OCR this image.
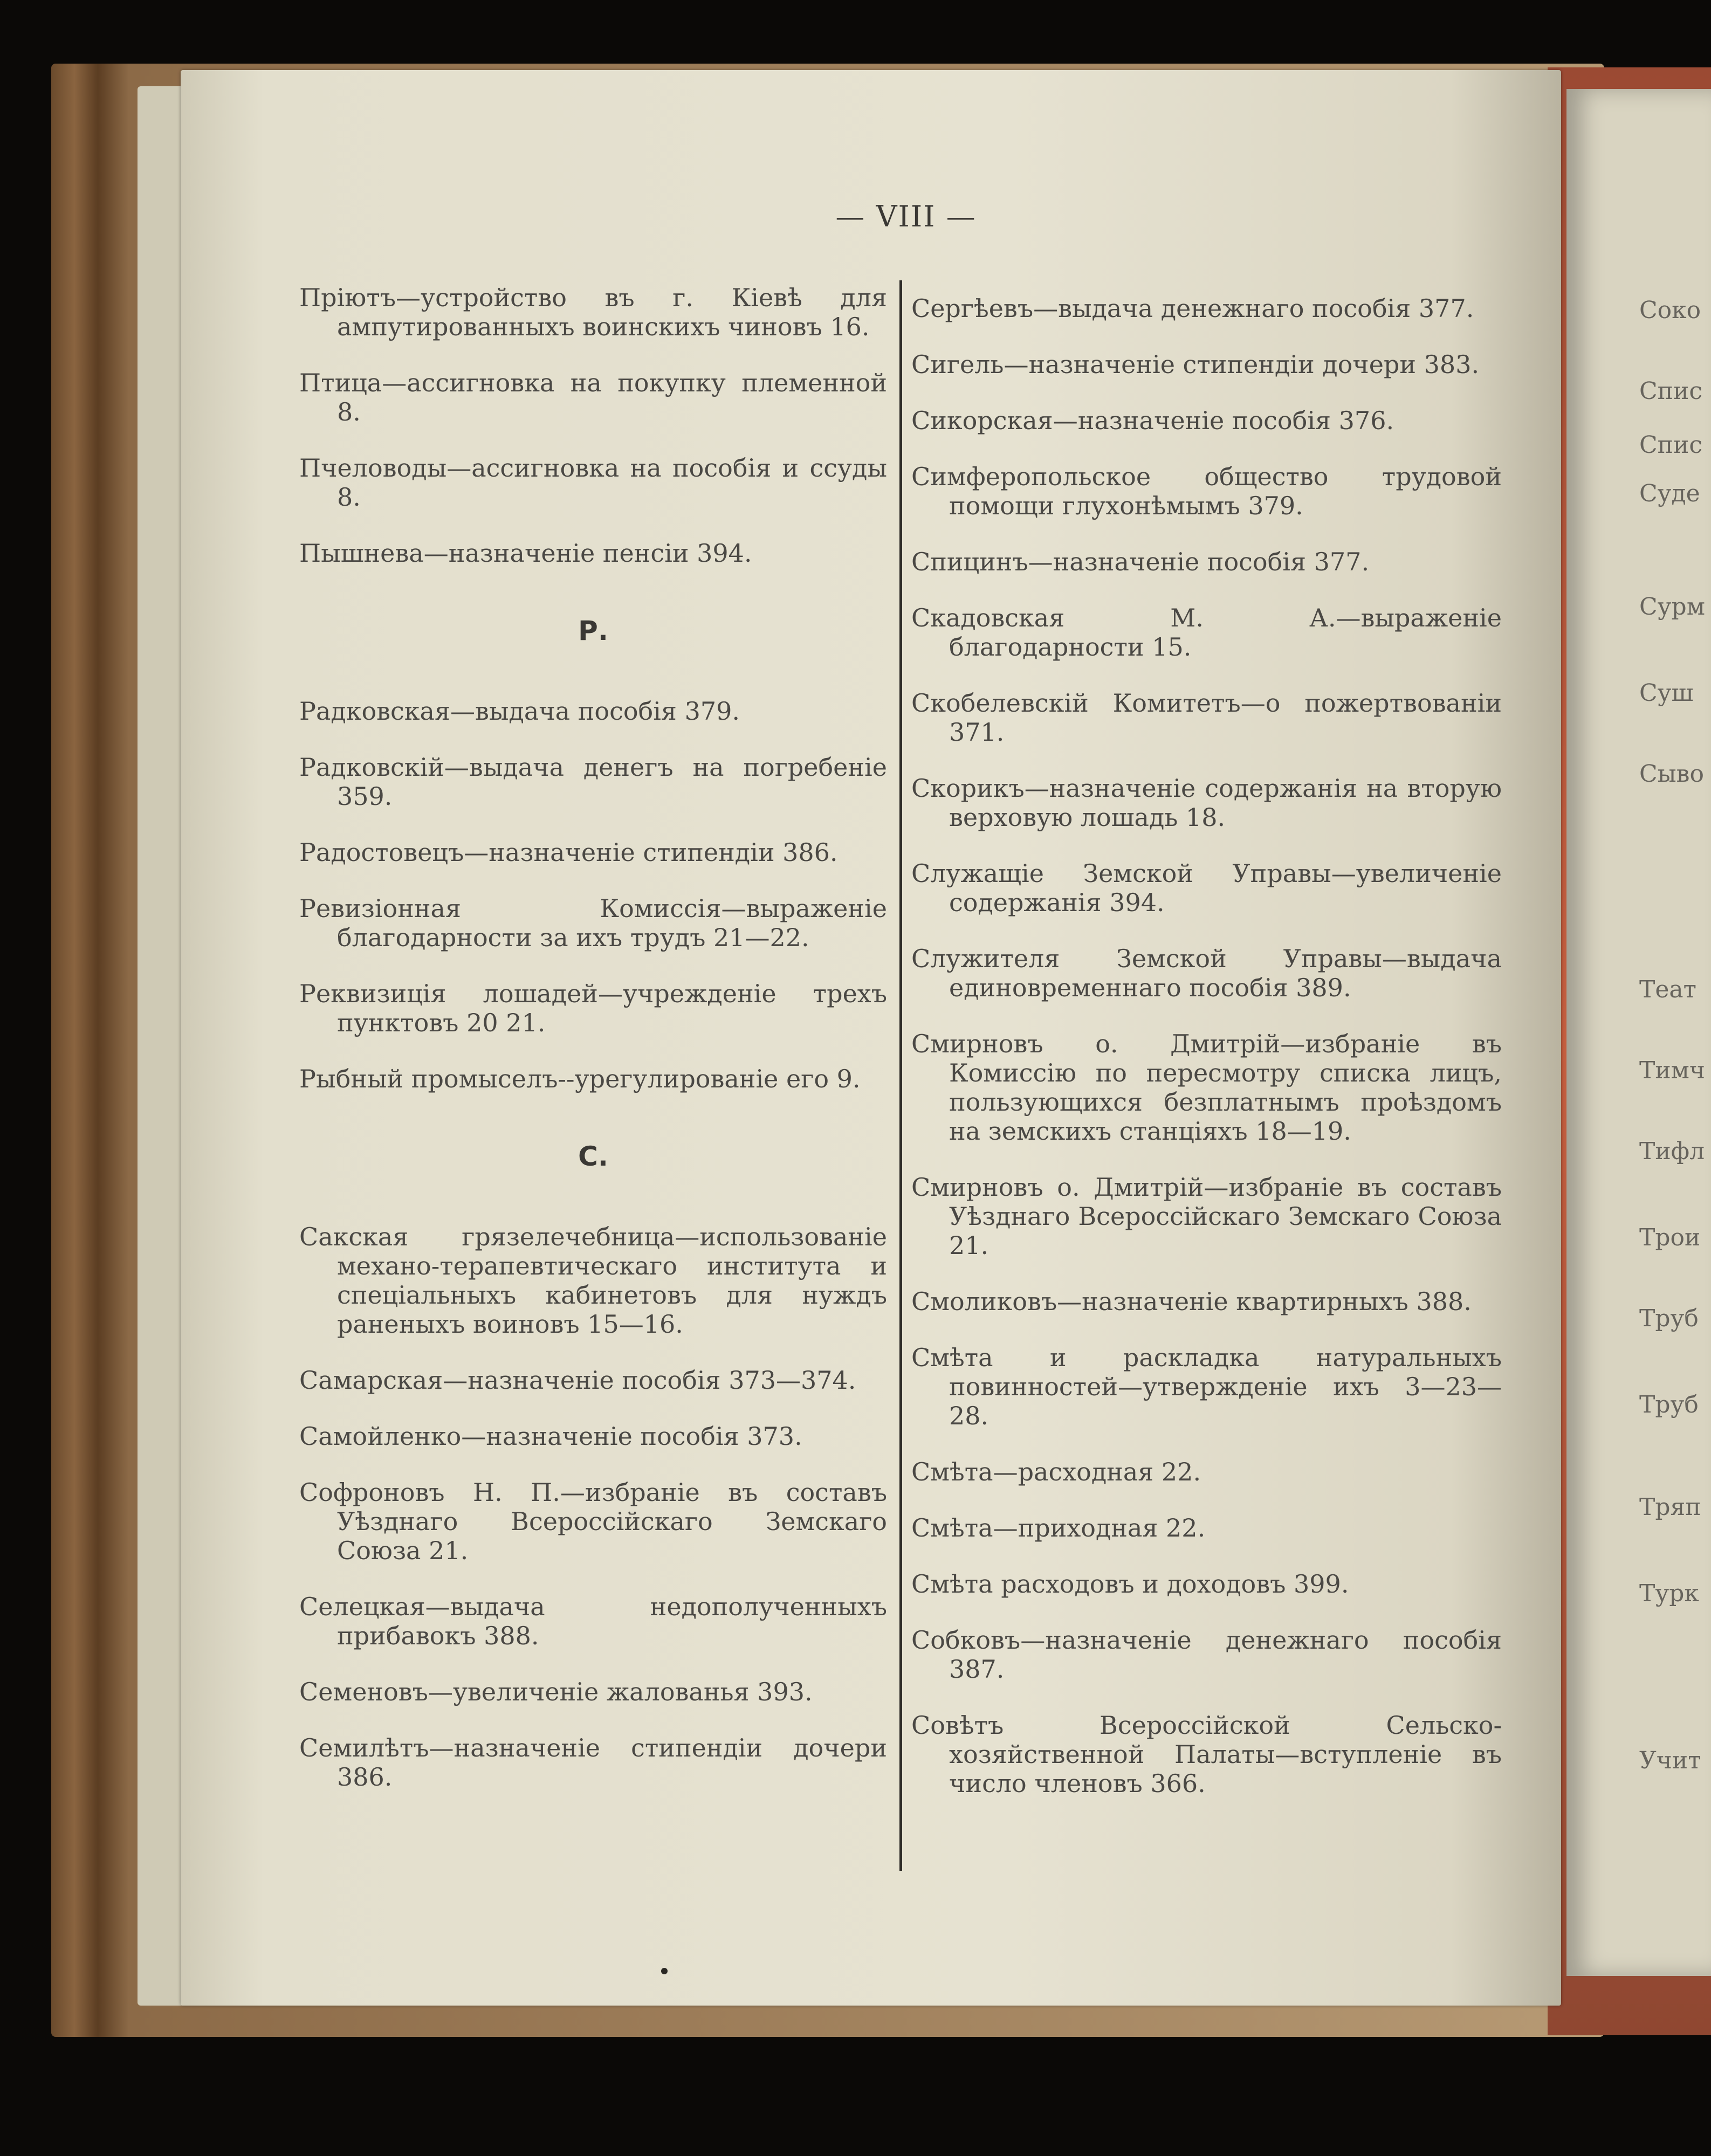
Соко
Спис
Спис
Суде
Сурм
Суш
Сыво
Теат
Тимч
Тифл
Трои
Труб
Труб
Тряп
Турк
Учит
— VIII —
Пріютъ—устройство въ г. Кіевѣ для ампутированныхъ воинскихъ чиновъ 16.
Птица—ассигновка на покупку племенной 8.
Пчеловоды—ассигновка на пособія и ссуды 8.
Пышнева—назначеніе пенсіи 394.
Р.
Радковская—выдача пособія 379.
Радковскій—выдача денегъ на погребеніе 359.
Радостовецъ—назначеніе стипендіи 386.
Ревизіонная Комиссія—выраженіе благодарности за ихъ трудъ 21—22.
Реквизиція лошадей—учрежденіе трехъ пунктовъ 20 21.
Рыбный промыселъ--урегулированіе его 9.
С.
Сакская грязелечебница—использованіе механо-терапевтическаго института и спеціальныхъ кабинетовъ для нуждъ раненыхъ воиновъ 15—16.
Самарская—назначеніе пособія 373—374.
Самойленко—назначеніе пособія 373.
Софроновъ Н. П.—избраніе въ составъ Уѣзднаго Всероссійскаго Земскаго Союза 21.
Селецкая—выдача недополученныхъ прибавокъ 388.
Семеновъ—увеличеніе жалованья 393.
Семилѣтъ—назначеніе стипендіи дочери 386.
Сергѣевъ—выдача денежнаго пособія 377.
Сигель—назначеніе стипендіи дочери 383.
Сикорская—назначеніе пособія 376.
Симферопольское общество трудовой помощи глухонѣмымъ 379.
Спицинъ—назначеніе пособія 377.
Скадовская М. А.—выраженіе благодарности 15.
Скобелевскій Комитетъ—о пожертвованіи 371.
Скорикъ—назначеніе содержанія на вторую верховую лошадь 18.
Служащіе Земской Управы—увеличеніе содержанія 394.
Служителя Земской Управы—выдача единовременнаго пособія 389.
Смирновъ о. Дмитрій—избраніе въ Комиссію по пересмотру списка лицъ, пользующихся безплатнымъ проѣздомъ на земскихъ станціяхъ 18—19.
Смирновъ о. Дмитрій—избраніе въ составъ Уѣзднаго Всероссійскаго Земскаго Союза 21.
Смоликовъ—назначеніе квартирныхъ 388.
Смѣта и раскладка натуральныхъ повинностей—утвержденіе ихъ 3—23—28.
Смѣта—расходная 22.
Смѣта—приходная 22.
Смѣта расходовъ и доходовъ 399.
Собковъ—назначеніе денежнаго пособія 387.
Совѣтъ Всероссійской Сельско-хозяйственной Палаты—вступленіе въ число членовъ 366.
